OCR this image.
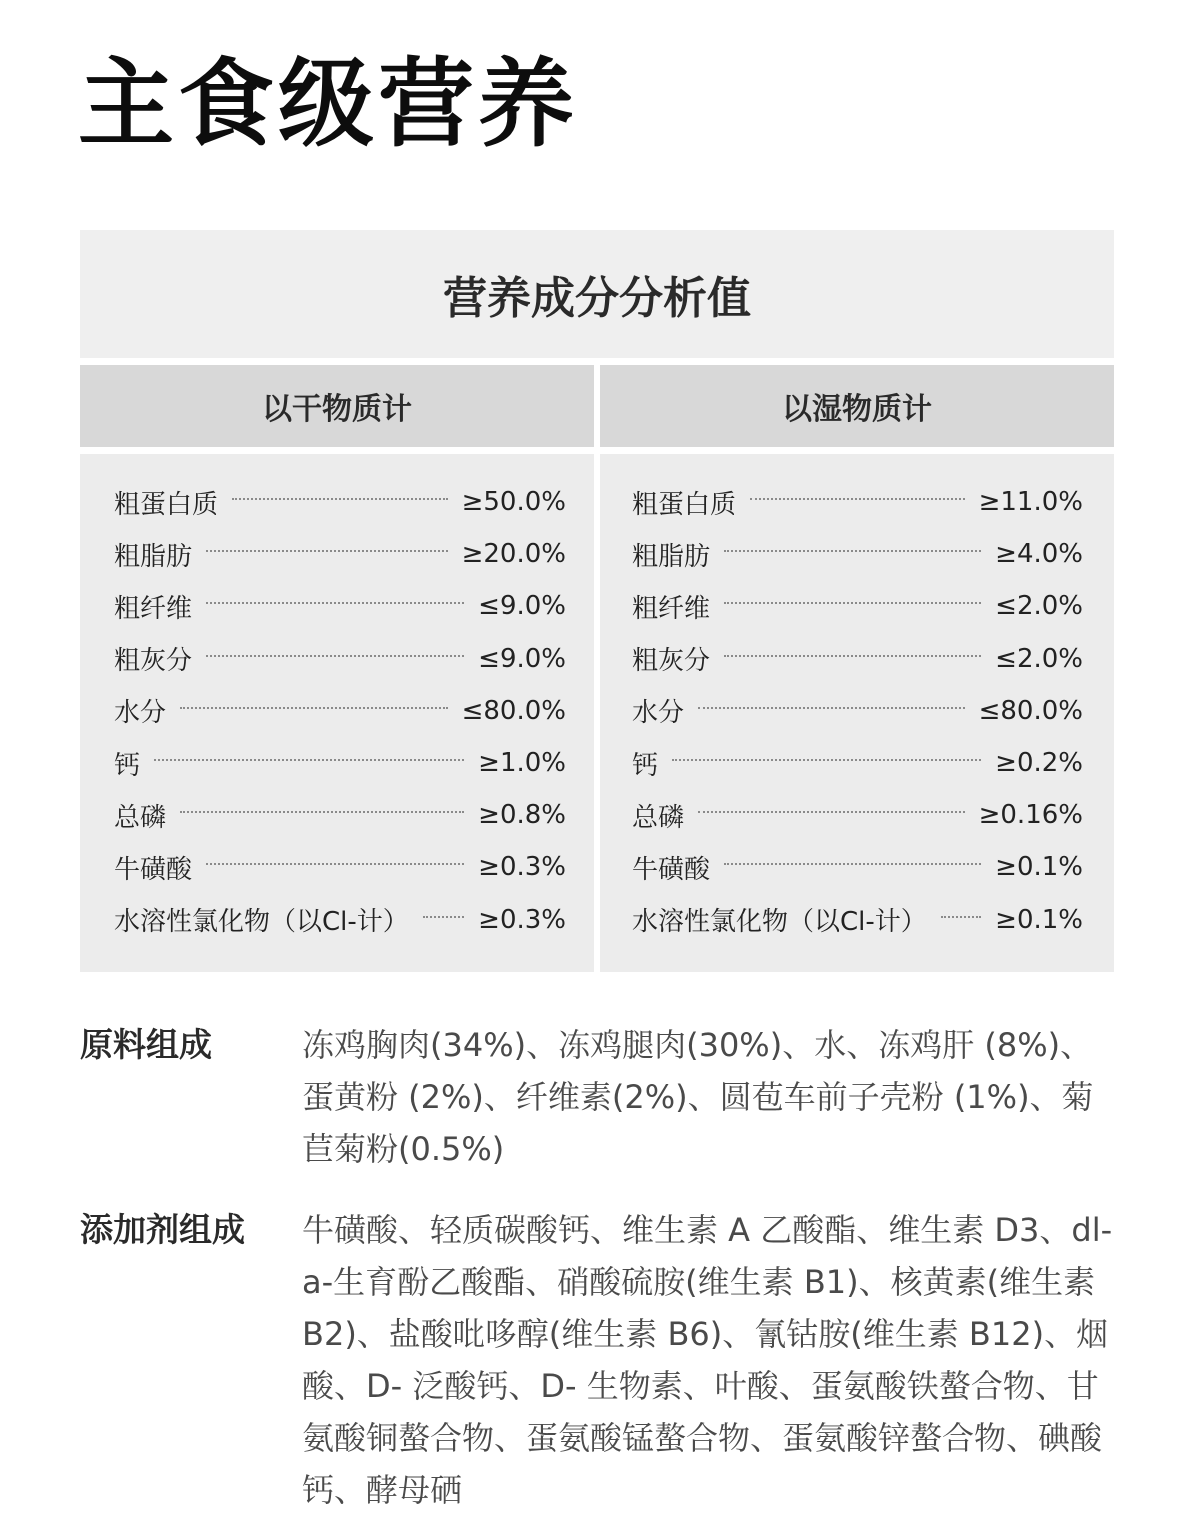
主食级营养
营养成分分析值
以干物质计	以湿物质计
粗蛋白质	≥50.0%
粗脂肪	≥20.0%
粗纤维	≤9.0%
粗灰分	≤9.0%
水分	≤80.0%
钙	≥1.0%
总磷	≥0.8%
牛磺酸	≥0.3%
水溶性氯化物（以Cl-计）	≥0.3%
粗蛋白质	≥11.0%
粗脂肪	≥4.0%
粗纤维	≤2.0%
粗灰分	≤2.0%
水分	≤80.0%
钙	≥0.2%
总磷	≥0.16%
牛磺酸	≥0.1%
水溶性氯化物（以Cl-计）	≥0.1%
原料组成	冻鸡胸肉(34%)、冻鸡腿肉(30%)、水、冻鸡肝 (8%)、蛋黄粉 (2%)、纤维素(2%)、圆苞车前子壳粉 (1%)、菊苣菊粉(0.5%)
添加剂组成	牛磺酸、轻质碳酸钙、维生素 A 乙酸酯、维生素 D3、dl-a-生育酚乙酸酯、硝酸硫胺(维生素 B1)、核黄素(维生素B2)、盐酸吡哆醇(维生素 B6)、氰钴胺(维生素 B12)、烟酸、D- 泛酸钙、D- 生物素、叶酸、蛋氨酸铁螯合物、甘氨酸铜螯合物、蛋氨酸锰螯合物、蛋氨酸锌螯合物、碘酸钙、酵母硒
